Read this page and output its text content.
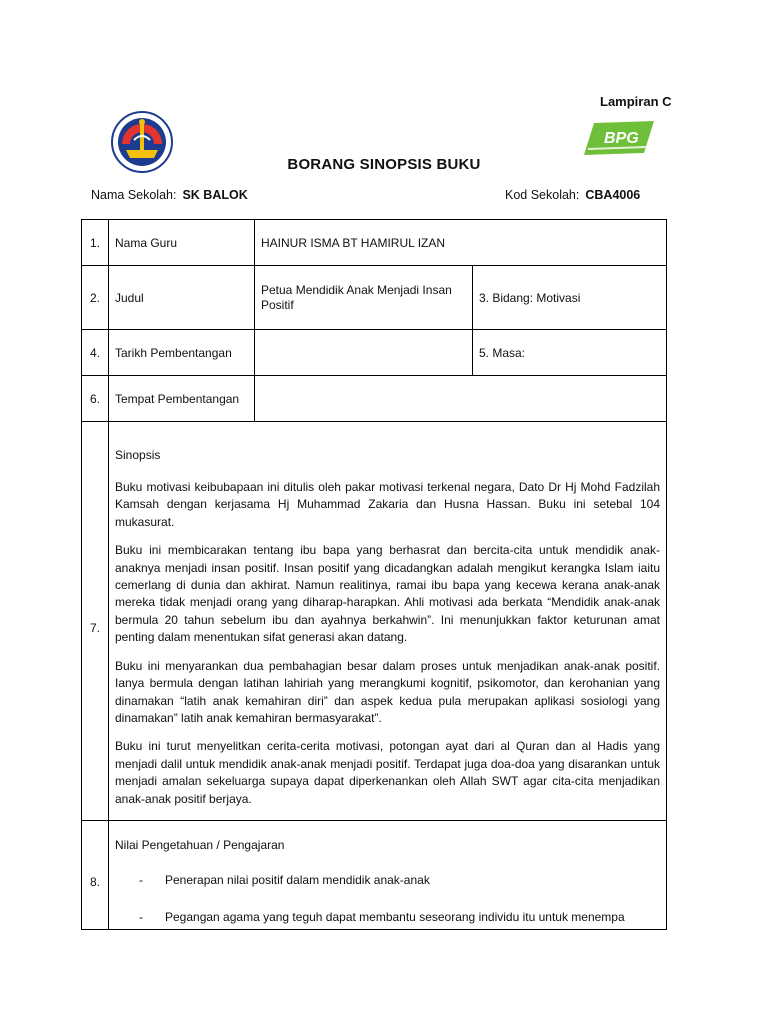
Lampiran C
BPG
BORANG SINOPSIS BUKU
Nama Sekolah: SK BALOK	Kod Sekolah: CBA4006
1.	Nama Guru	HAINUR ISMA BT HAMIRUL IZAN	
2.	Judul	Petua Mendidik Anak Menjadi Insan Positif	3. Bidang: Motivasi
4.	Tarikh Pembentangan		5. Masa:
6.	Tempat Pembentangan		

7.	Sinopsis

Buku motivasi keibubapaan ini ditulis oleh pakar motivasi terkenal negara, Dato Dr Hj Mohd Fadzilah Kamsah dengan kerjasama Hj Muhammad Zakaria dan Husna Hassan. Buku ini setebal 104 mukasurat.

Buku ini membicarakan tentang ibu bapa yang berhasrat dan bercita-cita untuk mendidik anak-anaknya menjadi insan positif. Insan positif yang dicadangkan adalah mengikut kerangka Islam iaitu cemerlang di dunia dan akhirat. Namun realitinya, ramai ibu bapa yang kecewa kerana anak-anak mereka tidak menjadi orang yang diharap-harapkan. Ahli motivasi ada berkata “Mendidik anak-anak bermula 20 tahun sebelum ibu dan ayahnya berkahwin”. Ini menunjukkan faktor keturunan amat penting dalam menentukan sifat generasi akan datang.

Buku ini menyarankan dua pembahagian besar dalam proses untuk menjadikan anak-anak positif. Ianya bermula dengan latihan lahiriah yang merangkumi kognitif, psikomotor, dan kerohanian yang dinamakan “latih anak kemahiran diri” dan aspek kedua pula merupakan aplikasi sosiologi yang dinamakan” latih anak kemahiran bermasyarakat”.

Buku ini turut menyelitkan cerita-cerita motivasi, potongan ayat dari al Quran dan al Hadis yang menjadi dalil untuk mendidik anak-anak menjadi positif. Terdapat juga doa-doa yang disarankan untuk menjadi amalan sekeluarga supaya dapat diperkenankan oleh Allah SWT agar cita-cita menjadikan anak-anak positif berjaya.		

8.	Nilai Pengetahuan / Pengajaran
- Penerapan nilai positif dalam mendidik anak-anak
- Pegangan agama yang teguh dapat membantu seseorang individu itu untuk menempa		
